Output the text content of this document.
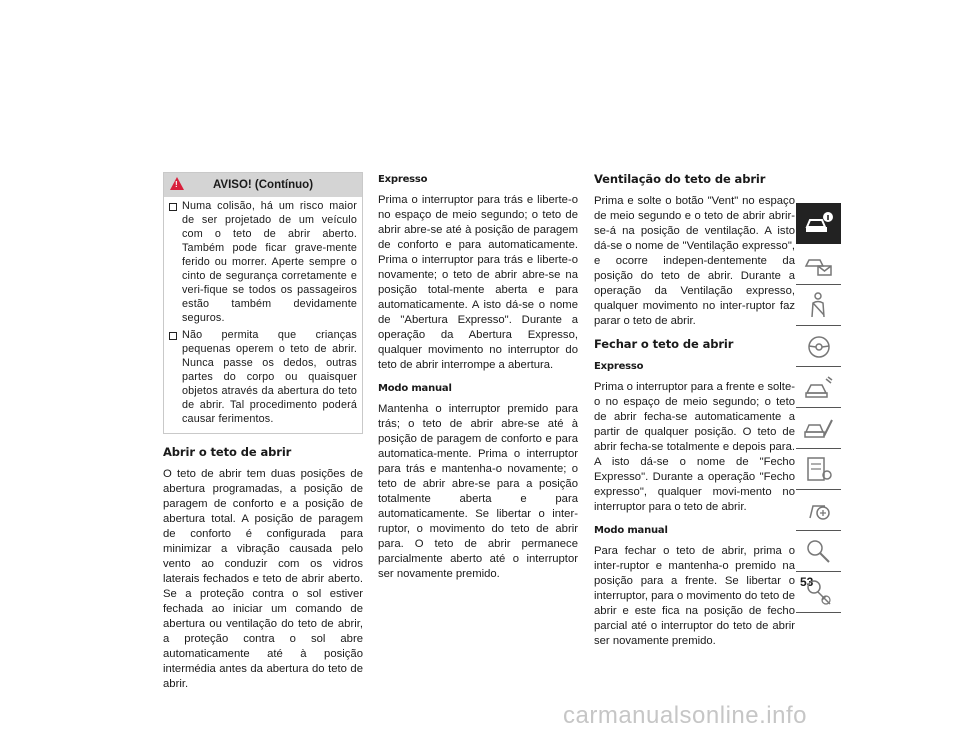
!	AVISO! (Contínuo)
Numa colisão, há um risco maior de ser projetado de um veículo com o teto de abrir aberto. Também pode ficar grave-mente ferido ou morrer. Aperte sempre o cinto de segurança corretamente e veri-fique se todos os passageiros estão também devidamente seguros.
Não permita que crianças pequenas operem o teto de abrir. Nunca passe os dedos, outras partes do corpo ou quaisquer objetos através da abertura do teto de abrir. Tal procedimento poderá causar ferimentos.
Abrir o teto de abrir

O teto de abrir tem duas posições de abertura programadas, a posição de paragem de conforto e a posição de abertura total. A posição de paragem de conforto é configurada para minimizar a vibração causada pelo vento ao conduzir com os vidros laterais fechados e teto de abrir aberto. Se a proteção contra o sol estiver fechada ao iniciar um comando de abertura ou ventilação do teto de abrir, a proteção contra o sol abre automaticamente até à posição intermédia antes da abertura do teto de abrir.

Expresso

Prima o interruptor para trás e liberte-o no espaço de meio segundo; o teto de abrir abre-se até à posição de paragem de conforto e para automaticamente. Prima o interruptor para trás e liberte-o novamente; o teto de abrir abre-se na posição total-mente aberta e para automaticamente. A isto dá-se o nome de "Abertura Expresso". Durante a operação da Abertura Expresso, qualquer movimento no interruptor do teto de abrir interrompe a abertura.

Modo manual

Mantenha o interruptor premido para trás; o teto de abrir abre-se até à posição de paragem de conforto e para automatica-mente. Prima o interruptor para trás e mantenha-o novamente; o teto de abrir abre-se para a posição totalmente aberta e para automaticamente. Se libertar o inter-ruptor, o movimento do teto de abrir para. O teto de abrir permanece parcialmente aberto até o interruptor ser novamente premido.

Ventilação do teto de abrir

Prima e solte o botão "Vent" no espaço de meio segundo e o teto de abrir abrir-se-á na posição de ventilação. A isto dá-se o nome de "Ventilação expresso", e ocorre indepen-dentemente da posição do teto de abrir. Durante a operação da Ventilação expresso, qualquer movimento no inter-ruptor faz parar o teto de abrir.

Fechar o teto de abrir
Expresso

Prima o interruptor para a frente e solte-o no espaço de meio segundo; o teto de abrir fecha-se automaticamente a partir de qualquer posição. O teto de abrir fecha-se totalmente e depois para. A isto dá-se o nome de "Fecho Expresso". Durante a operação "Fecho expresso", qualquer movi-mento no interruptor para o teto de abrir.

Modo manual

Para fechar o teto de abrir, prima o inter-ruptor e mantenha-o premido na posição para a frente. Se libertar o interruptor, para o movimento do teto de abrir e este fica na posição de fecho parcial até o interruptor do teto de abrir ser novamente premido.

53
carmanualsonline.info
